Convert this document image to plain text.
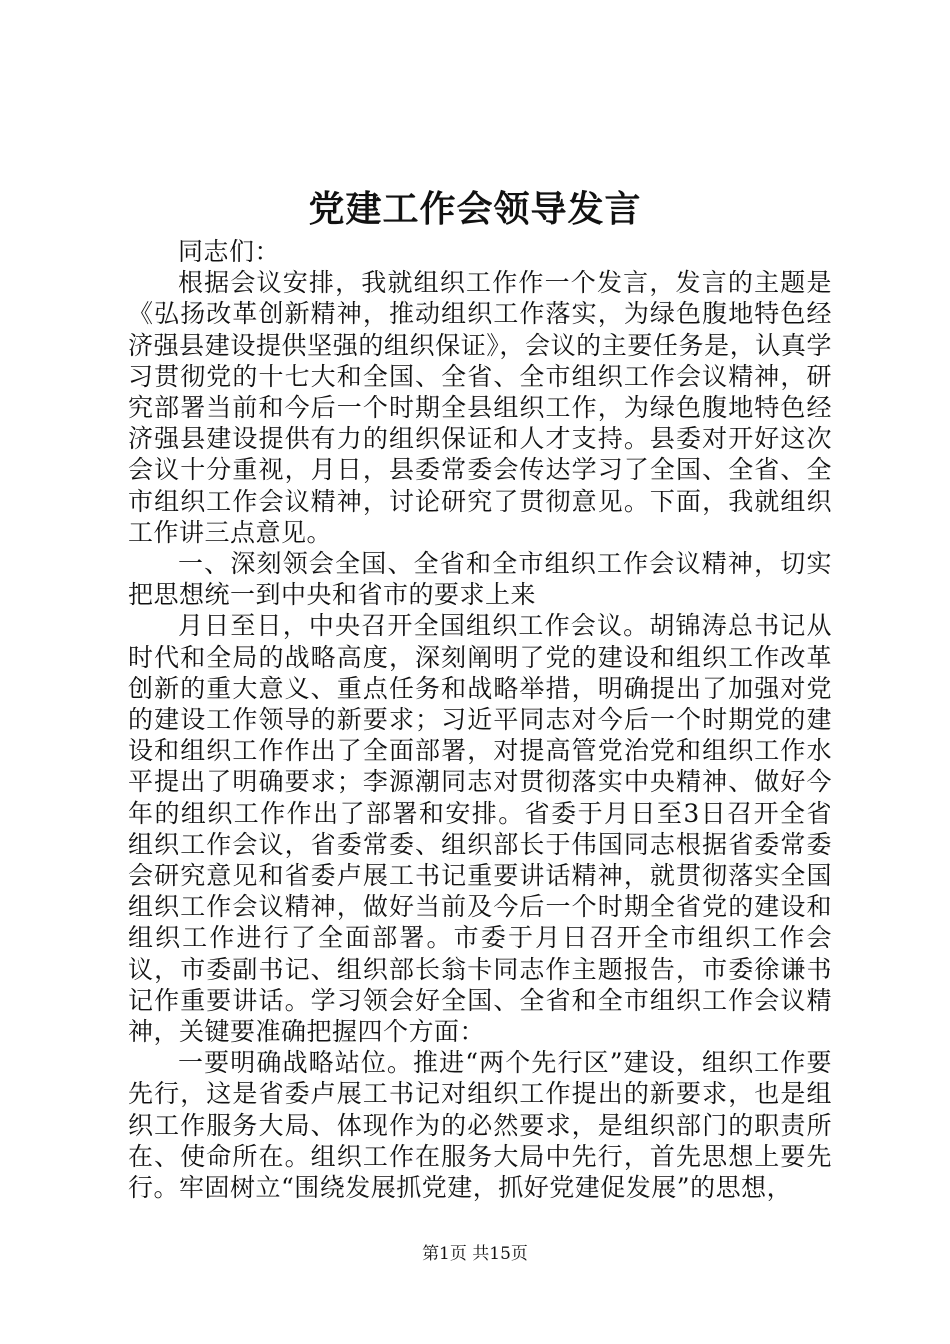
党建工作会领导发言

同志们：

根据会议安排，我就组织工作作一个发言，发言的主题是《弘扬改革创新精神，推动组织工作落实，为绿色腹地特色经济强县建设提供坚强的组织保证》，会议的主要任务是，认真学习贯彻党的十七大和全国、全省、全市组织工作会议精神，研究部署当前和今后一个时期全县组织工作，为绿色腹地特色经济强县建设提供有力的组织保证和人才支持。县委对开好这次会议十分重视，月日，县委常委会传达学习了全国、全省、全市组织工作会议精神，讨论研究了贯彻意见。下面，我就组织工作讲三点意见。

一、深刻领会全国、全省和全市组织工作会议精神，切实把思想统一到中央和省市的要求上来

月日至日，中央召开全国组织工作会议。胡锦涛总书记从时代和全局的战略高度，深刻阐明了党的建设和组织工作改革创新的重大意义、重点任务和战略举措，明确提出了加强对党的建设工作领导的新要求；习近平同志对今后一个时期党的建设和组织工作作出了全面部署，对提高管党治党和组织工作水平提出了明确要求；李源潮同志对贯彻落实中央精神、做好今年的组织工作作出了部署和安排。省委于月日至3日召开全省组织工作会议，省委常委、组织部长于伟国同志根据省委常委会研究意见和省委卢展工书记重要讲话精神，就贯彻落实全国组织工作会议精神，做好当前及今后一个时期全省党的建设和组织工作进行了全面部署。市委于月日召开全市组织工作会议，市委副书记、组织部长翁卡同志作主题报告，市委徐谦书记作重要讲话。学习领会好全国、全省和全市组织工作会议精神，关键要准确把握四个方面：

一要明确战略站位。推进“两个先行区”建设，组织工作要先行，这是省委卢展工书记对组织工作提出的新要求，也是组织工作服务大局、体现作为的必然要求，是组织部门的职责所在、使命所在。组织工作在服务大局中先行，首先思想上要先行。牢固树立“围绕发展抓党建，抓好党建促发展”的思想，

第1页 共15页
